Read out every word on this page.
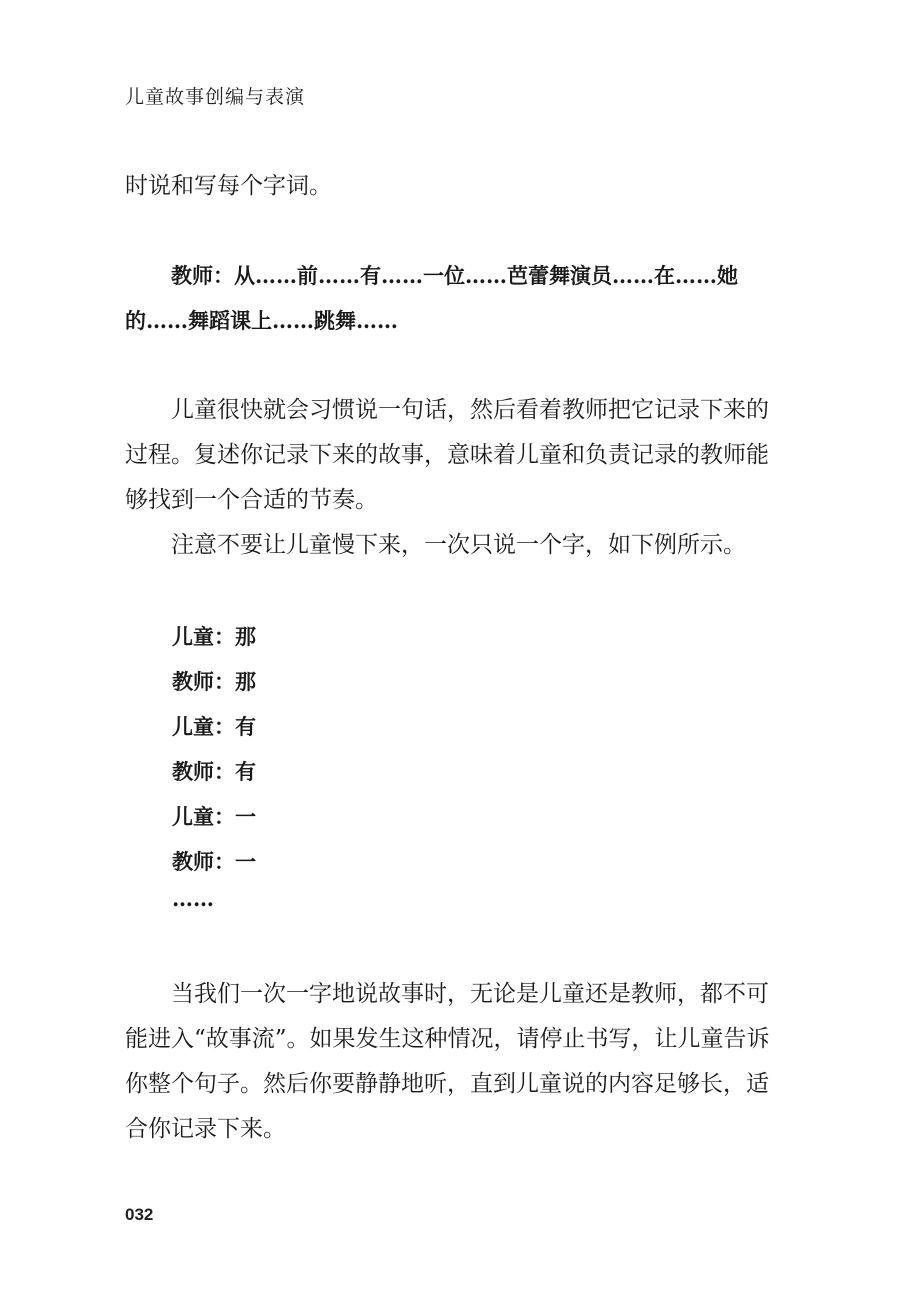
儿童故事创编与表演

时说和写每个字词。

教师：从……前……有……一位……芭蕾舞演员……在……她的……舞蹈课上……跳舞……

儿童很快就会习惯说一句话，然后看着教师把它记录下来的过程。复述你记录下来的故事，意味着儿童和负责记录的教师能够找到一个合适的节奏。

注意不要让儿童慢下来，一次只说一个字，如下例所示。

儿童：那
教师：那
儿童：有
教师：有
儿童：一
教师：一
……

当我们一次一字地说故事时，无论是儿童还是教师，都不可能进入“故事流”。如果发生这种情况，请停止书写，让儿童告诉你整个句子。然后你要静静地听，直到儿童说的内容足够长，适合你记录下来。

032
